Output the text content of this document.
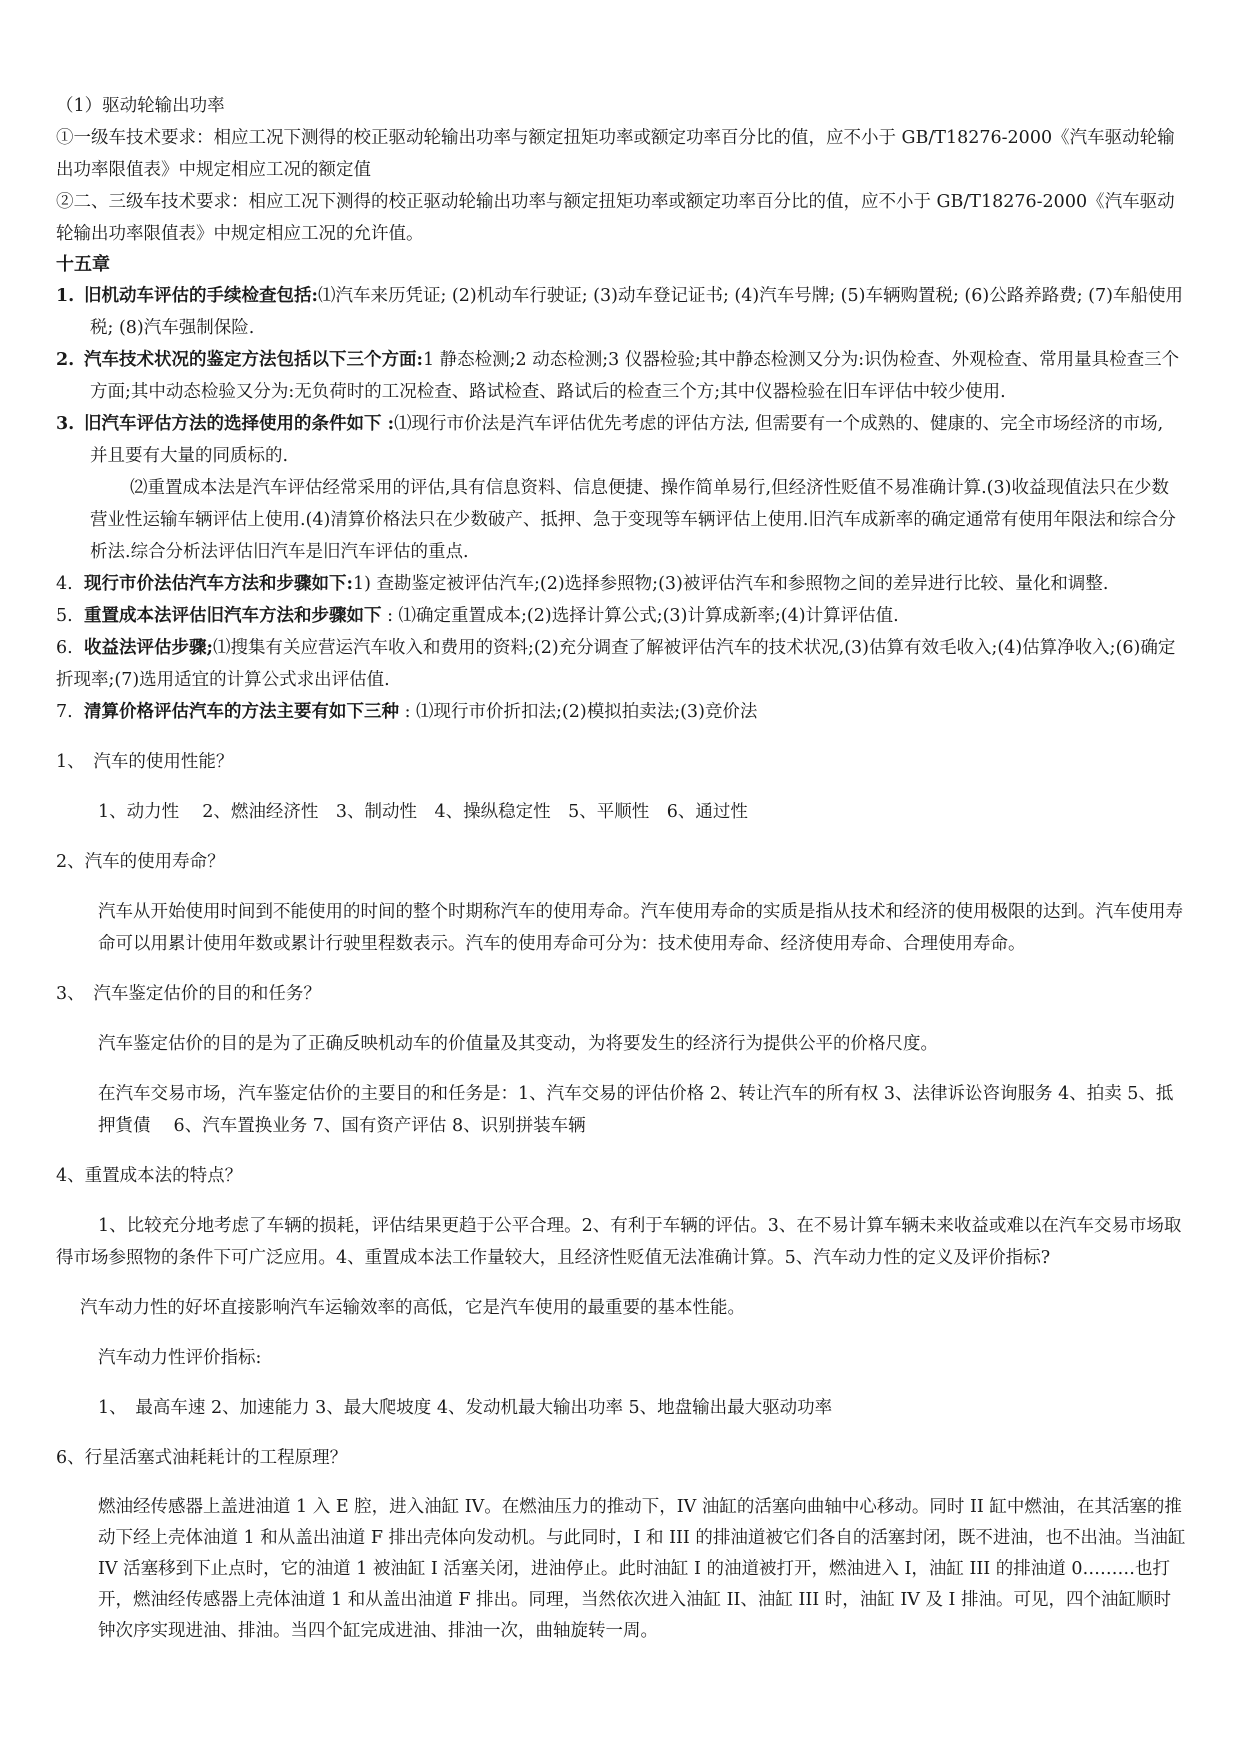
（1）驱动轮输出功率

①一级车技术要求：相应工况下测得的校正驱动轮输出功率与额定扭矩功率或额定功率百分比的值，应不小于 GB/T18276-2000《汽车驱动轮输出功率限值表》中规定相应工况的额定值

②二、三级车技术要求：相应工况下测得的校正驱动轮输出功率与额定扭矩功率或额定功率百分比的值，应不小于 GB/T18276-2000《汽车驱动轮输出功率限值表》中规定相应工况的允许值。

十五章

1. 旧机动车评估的手续检查包括:⑴汽车来历凭证; (2)机动车行驶证; (3)动车登记证书; (4)汽车号牌; (5)车辆购置税; (6)公路养路费; (7)车船使用税; (8)汽车强制保险.

2. 汽车技术状况的鉴定方法包括以下三个方面:1 静态检测;2 动态检测;3 仪器检验;其中静态检测又分为:识伪检查、外观检查、常用量具检查三个方面;其中动态检验又分为:无负荷时的工况检查、路试检查、路试后的检查三个方;其中仪器检验在旧车评估中较少使用.

3. 旧汽车评估方法的选择使用的条件如下 :⑴现行市价法是汽车评估优先考虑的评估方法, 但需要有一个成熟的、健康的、完全市场经济的市场, 并且要有大量的同质标的.

⑵重置成本法是汽车评估经常采用的评估,具有信息资料、信息便捷、操作简单易行,但经济性贬值不易准确计算.(3)收益现值法只在少数营业性运输车辆评估上使用.(4)清算价格法只在少数破产、抵押、急于变现等车辆评估上使用.旧汽车成新率的确定通常有使用年限法和综合分析法.综合分析法评估旧汽车是旧汽车评估的重点.

4. 现行市价法估汽车方法和步骤如下:1) 查勘鉴定被评估汽车;(2)选择参照物;(3)被评估汽车和参照物之间的差异进行比较、量化和调整.

5. 重置成本法评估旧汽车方法和步骤如下 : ⑴确定重置成本;(2)选择计算公式;(3)计算成新率;(4)计算评估值.

6. 收益法评估步骤;⑴搜集有关应营运汽车收入和费用的资料;(2)充分调查了解被评估汽车的技术状况,(3)估算有效毛收入;(4)估算净收入;(6)确定折现率;(7)选用适宜的计算公式求出评估值.

7. 清算价格评估汽车的方法主要有如下三种 : ⑴现行市价折扣法;(2)模拟拍卖法;(3)竞价法

1、　汽车的使用性能？

1、动力性　 2、燃油经济性　3、制动性　4、操纵稳定性　5、平顺性　6、通过性

2、汽车的使用寿命？

汽车从开始使用时间到不能使用的时间的整个时期称汽车的使用寿命。汽车使用寿命的实质是指从技术和经济的使用极限的达到。汽车使用寿命可以用累计使用年数或累计行驶里程数表示。汽车的使用寿命可分为：技术使用寿命、经济使用寿命、合理使用寿命。

3、　汽车鉴定估价的目的和任务？

汽车鉴定估价的目的是为了正确反映机动车的价值量及其变动，为将要发生的经济行为提供公平的价格尺度。

在汽车交易市场，汽车鉴定估价的主要目的和任务是：1、汽车交易的评估价格 2、转让汽车的所有权 3、法律诉讼咨询服务 4、拍卖 5、抵押貨債　 6、汽车置换业务 7、国有资产评估 8、识别拼装车辆

4、重置成本法的特点？

1、比较充分地考虑了车辆的损耗，评估结果更趋于公平合理。2、有利于车辆的评估。3、在不易计算车辆未来收益或难以在汽车交易市场取得市场参照物的条件下可广泛应用。4、重置成本法工作量较大，且经济性贬值无法准确计算。5、汽车动力性的定义及评价指标?

汽车动力性的好坏直接影响汽车运输效率的高低，它是汽车使用的最重要的基本性能。

汽车动力性评价指标:

1、　最高车速 2、加速能力 3、最大爬坡度 4、发动机最大输出功率 5、地盘输出最大驱动功率

6、行星活塞式油耗耗计的工程原理？

燃油经传感器上盖进油道 1 入 E 腔，进入油缸 IV。在燃油压力的推动下，IV 油缸的活塞向曲轴中心移动。同时 II 缸中燃油，在其活塞的推动下经上壳体油道 1 和从盖出油道 F 排出壳体向发动机。与此同时，I 和 III 的排油道被它们各自的活塞封闭，既不进油，也不出油。当油缸 IV 活塞移到下止点时，它的油道 1 被油缸 I 活塞关闭，进油停止。此时油缸 I 的油道被打开，燃油进入 I，油缸 III 的排油道 0………也打开，燃油经传感器上壳体油道 1 和从盖出油道 F 排出。同理，当然依次进入油缸 II、油缸 III 时，油缸 IV 及 I 排油。可见，四个油缸顺时钟次序实现进油、排油。当四个缸完成进油、排油一次，曲轴旋转一周。
